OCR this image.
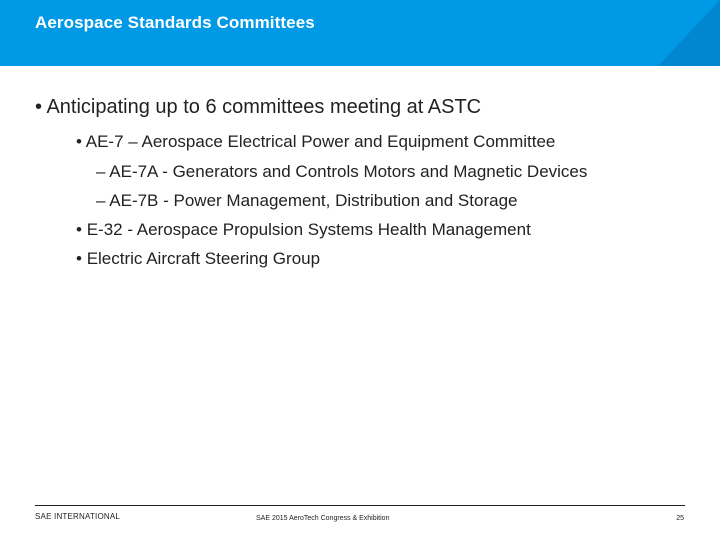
Aerospace Standards Committees
• Anticipating up to 6 committees meeting at ASTC
• AE-7 – Aerospace Electrical Power and Equipment Committee
– AE-7A - Generators and Controls Motors and Magnetic Devices
– AE-7B - Power Management, Distribution and Storage
• E-32 - Aerospace Propulsion Systems Health Management
• Electric Aircraft Steering Group
SAE INTERNATIONAL	SAE 2015 AeroTech Congress & Exhibition	25
